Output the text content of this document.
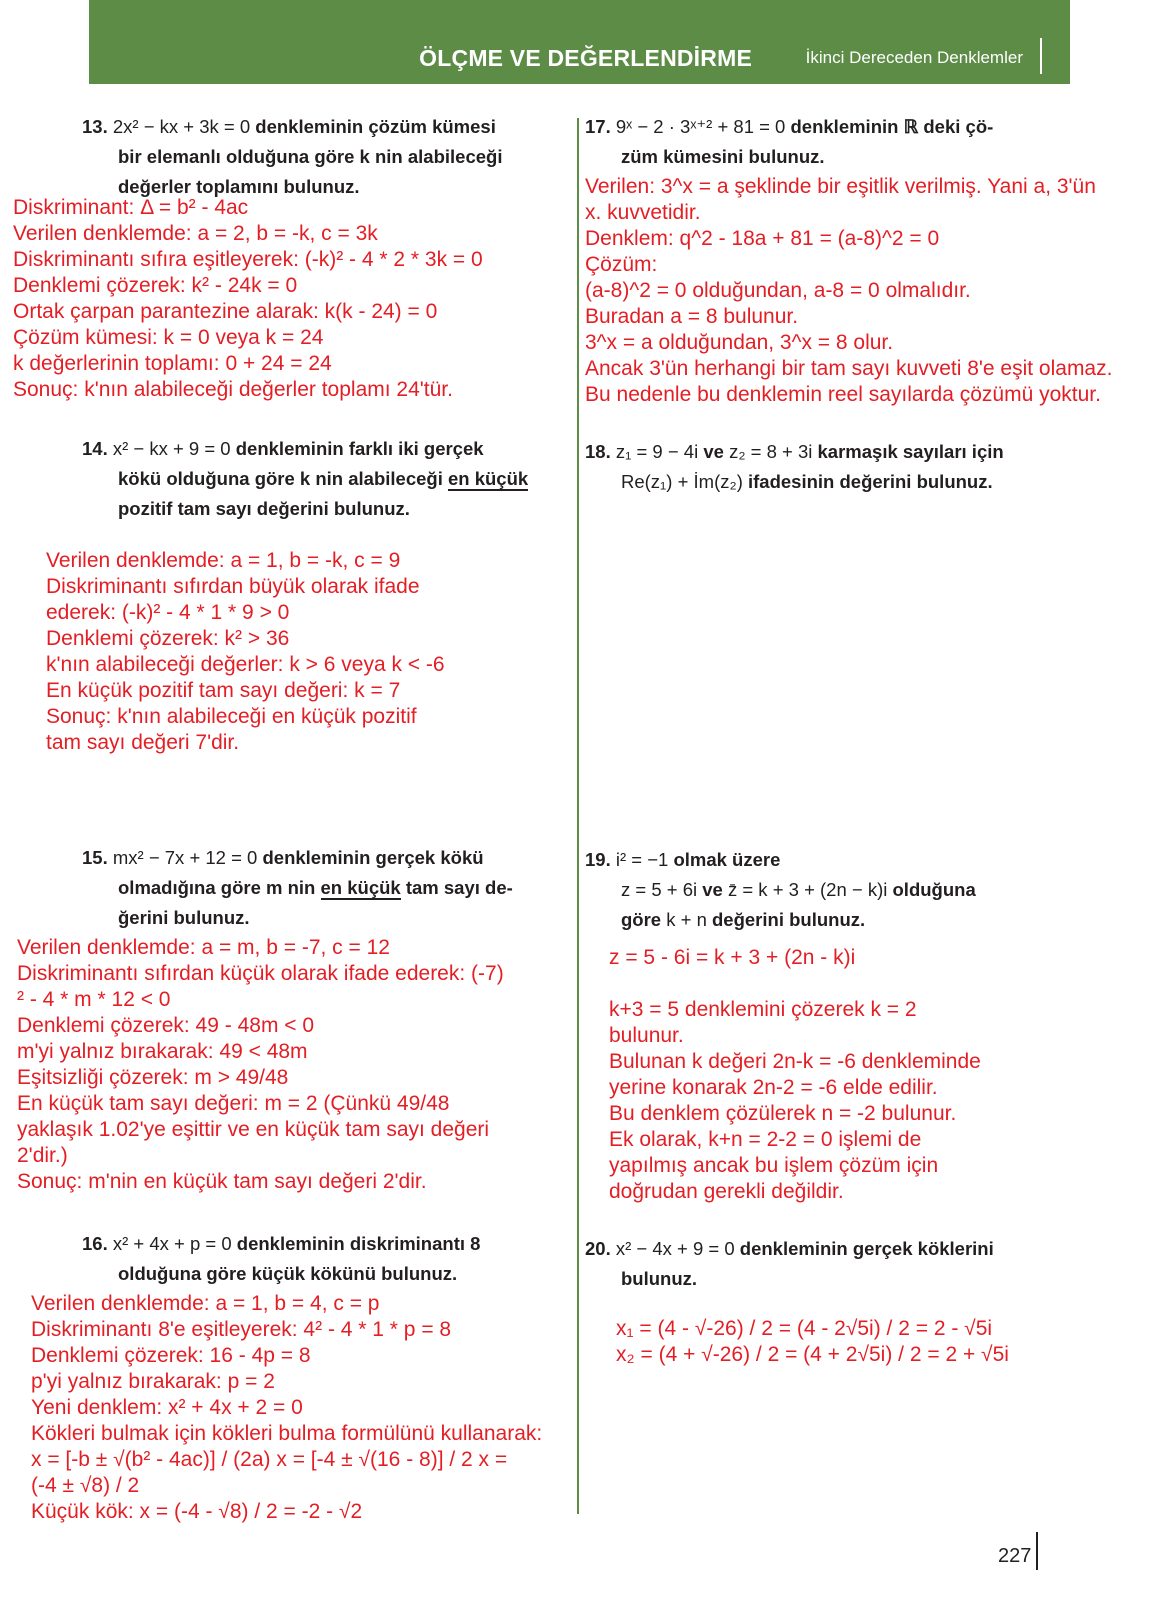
ÖLÇME VE DEĞERLENDİRME	İkinci Dereceden Denklemler
13. 2x² − kx + 3k = 0 denkleminin çözüm kümesi
bir elemanlı olduğuna göre k nin alabileceği
değerler toplamını bulunuz.
Diskriminant: Δ = b² - 4ac
Verilen denklemde: a = 2, b = -k, c = 3k
Diskriminantı sıfıra eşitleyerek: (-k)² - 4 * 2 * 3k = 0
Denklemi çözerek: k² - 24k = 0
Ortak çarpan parantezine alarak: k(k - 24) = 0
Çözüm kümesi: k = 0 veya k = 24
k değerlerinin toplamı: 0 + 24 = 24
Sonuç: k'nın alabileceği değerler toplamı 24'tür.
14. x² − kx + 9 = 0 denkleminin farklı iki gerçek
kökü olduğuna göre k nin alabileceği en küçük
pozitif tam sayı değerini bulunuz.
Verilen denklemde: a = 1, b = -k, c = 9
Diskriminantı sıfırdan büyük olarak ifade
ederek: (-k)² - 4 * 1 * 9 > 0
Denklemi çözerek: k² > 36
k'nın alabileceği değerler: k > 6 veya k < -6
En küçük pozitif tam sayı değeri: k = 7
Sonuç: k'nın alabileceği en küçük pozitif
tam sayı değeri 7'dir.
15. mx² − 7x + 12 = 0 denkleminin gerçek kökü
olmadığına göre m nin en küçük tam sayı de-
ğerini bulunuz.
Verilen denklemde: a = m, b = -7, c = 12
Diskriminantı sıfırdan küçük olarak ifade ederek: (-7)
² - 4 * m * 12 < 0
Denklemi çözerek: 49 - 48m < 0
m'yi yalnız bırakarak: 49 < 48m
Eşitsizliği çözerek: m > 49/48
En küçük tam sayı değeri: m = 2 (Çünkü 49/48
yaklaşık 1.02'ye eşittir ve en küçük tam sayı değeri
2'dir.)
Sonuç: m'nin en küçük tam sayı değeri 2'dir.
16. x² + 4x + p = 0 denkleminin diskriminantı 8
olduğuna göre küçük kökünü bulunuz.
Verilen denklemde: a = 1, b = 4, c = p
Diskriminantı 8'e eşitleyerek: 4² - 4 * 1 * p = 8
Denklemi çözerek: 16 - 4p = 8
p'yi yalnız bırakarak: p = 2
Yeni denklem: x² + 4x + 2 = 0
Kökleri bulmak için kökleri bulma formülünü kullanarak:
x = [-b ± √(b² - 4ac)] / (2a) x = [-4 ± √(16 - 8)] / 2 x =
(-4 ± √8) / 2
Küçük kök: x = (-4 - √8) / 2 = -2 - √2
17. 9ˣ − 2 · 3ˣ⁺² + 81 = 0 denkleminin ℝ deki çö-
züm kümesini bulunuz.
Verilen: 3^x = a şeklinde bir eşitlik verilmiş. Yani a, 3'ün
x. kuvvetidir.
Denklem: q^2 - 18a + 81 = (a-8)^2 = 0
Çözüm:
(a-8)^2 = 0 olduğundan, a-8 = 0 olmalıdır.
Buradan a = 8 bulunur.
3^x = a olduğundan, 3^x = 8 olur.
Ancak 3'ün herhangi bir tam sayı kuvveti 8'e eşit olamaz.
Bu nedenle bu denklemin reel sayılarda çözümü yoktur.
18. z₁ = 9 − 4i ve z₂ = 8 + 3i karmaşık sayıları için
Re(z₁) + İm(z₂) ifadesinin değerini bulunuz.
19. i² = −1 olmak üzere
z = 5 + 6i ve z̄ = k + 3 + (2n − k)i olduğuna
göre k + n değerini bulunuz.
z = 5 - 6i = k + 3 + (2n - k)i
k+3 = 5 denklemini çözerek k = 2
bulunur.
Bulunan k değeri 2n-k = -6 denkleminde
yerine konarak 2n-2 = -6 elde edilir.
Bu denklem çözülerek n = -2 bulunur.
Ek olarak, k+n = 2-2 = 0 işlemi de
yapılmış ancak bu işlem çözüm için
doğrudan gerekli değildir.
20. x² − 4x + 9 = 0 denkleminin gerçek köklerini
bulunuz.
x₁ = (4 - √-26) / 2 = (4 - 2√5i) / 2 = 2 - √5i
x₂ = (4 + √-26) / 2 = (4 + 2√5i) / 2 = 2 + √5i
227
